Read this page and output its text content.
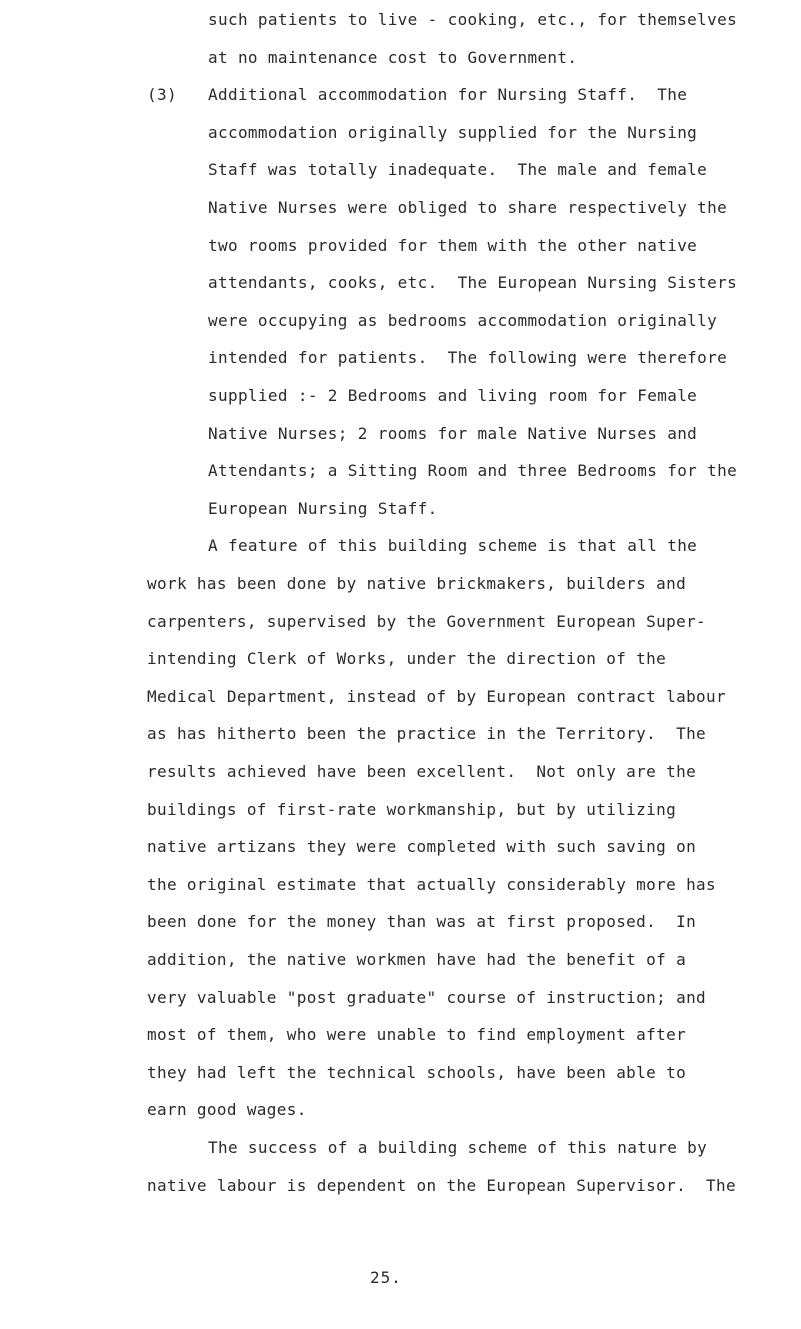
such patients to live - cooking, etc., for themselves
at no maintenance cost to Government.
(3) Additional accommodation for Nursing Staff.  The
accommodation originally supplied for the Nursing
Staff was totally inadequate.  The male and female
Native Nurses were obliged to share respectively the
two rooms provided for them with the other native
attendants, cooks, etc.  The European Nursing Sisters
were occupying as bedrooms accommodation originally
intended for patients.  The following were therefore
supplied :- 2 Bedrooms and living room for Female
Native Nurses; 2 rooms for male Native Nurses and
Attendants; a Sitting Room and three Bedrooms for the
European Nursing Staff.
A feature of this building scheme is that all the
work has been done by native brickmakers, builders and
carpenters, supervised by the Government European Super-
intending Clerk of Works, under the direction of the
Medical Department, instead of by European contract labour
as has hitherto been the practice in the Territory.  The
results achieved have been excellent.  Not only are the
buildings of first-rate workmanship, but by utilizing
native artizans they were completed with such saving on
the original estimate that actually considerably more has
been done for the money than was at first proposed.  In
addition, the native workmen have had the benefit of a
very valuable "post graduate" course of instruction; and
most of them, who were unable to find employment after
they had left the technical schools, have been able to
earn good wages.
The success of a building scheme of this nature by
native labour is dependent on the European Supervisor.  The
25.
